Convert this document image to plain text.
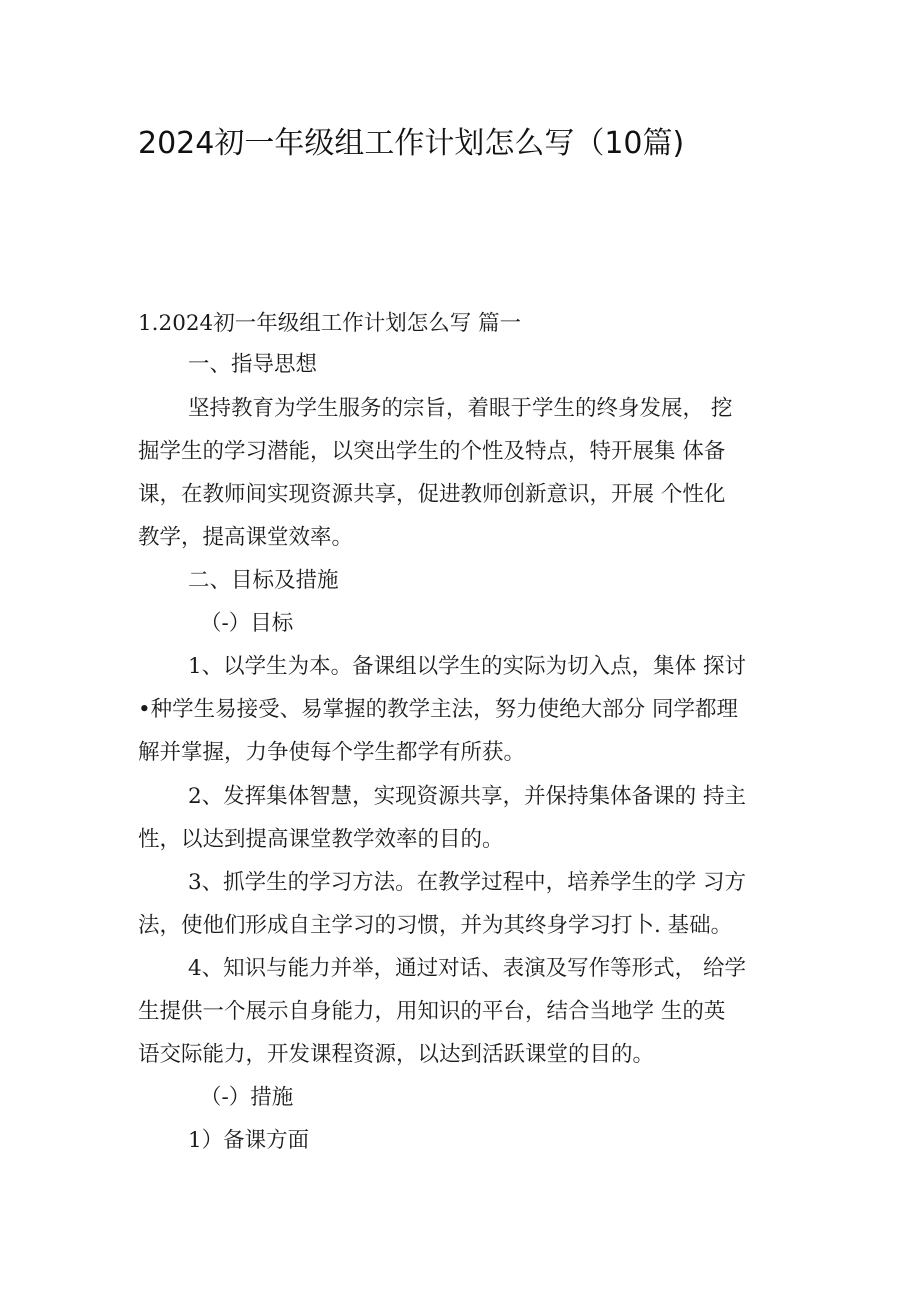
2024初一年级组工作计划怎么写（10篇)
1.2024初一年级组工作计划怎么写 篇一
一、指导思想
坚持教育为学生服务的宗旨，着眼于学生的终身发展， 挖
掘学生的学习潜能，以突出学生的个性及特点，特开展集 体备
课，在教师间实现资源共享，促进教师创新意识，开展 个性化
教学，提高课堂效率。
二、目标及措施
（-）目标
1、以学生为本。备课组以学生的实际为切入点，集体 探讨
•种学生易接受、易掌握的教学主法，努力使绝大部分 同学都理
解并掌握，力争使每个学生都学有所获。
2、发挥集体智慧，实现资源共享，并保持集体备课的 持主
性，以达到提高课堂教学效率的目的。
3、抓学生的学习方法。在教学过程中，培养学生的学 习方
法，使他们形成自主学习的习惯，并为其终身学习打卜. 基础。
4、知识与能力并举，通过对话、表演及写作等形式， 给学
生提供一个展示自身能力，用知识的平台，结合当地学 生的英
语交际能力，开发课程资源，以达到活跃课堂的目的。
（-）措施
1）备课方面
